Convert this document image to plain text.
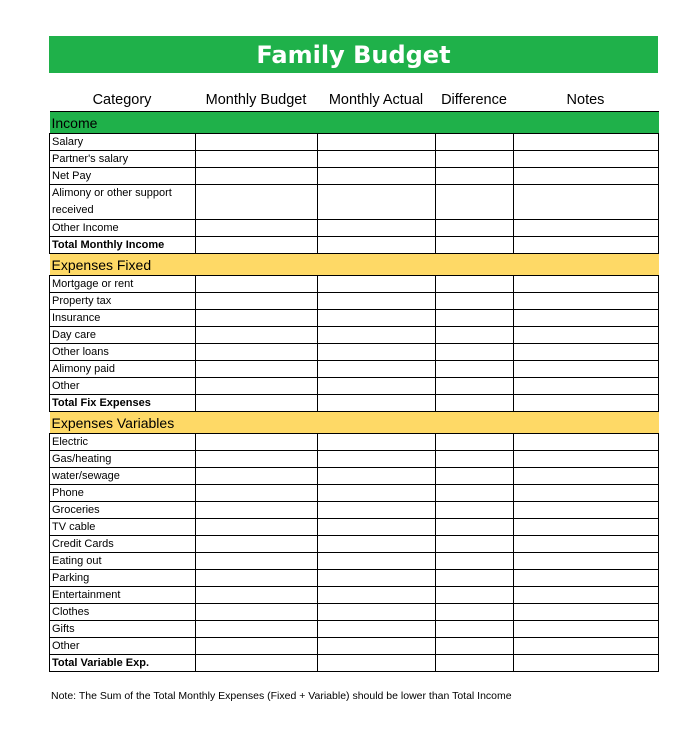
Family Budget
Category	Monthly Budget	Monthly Actual	Difference	Notes
Income				
Salary				
Partner's salary				
Net Pay				
Alimony or other support received				
Other Income				
Total Monthly Income				
Expenses Fixed				
Mortgage or rent				
Property tax				
Insurance				
Day care				
Other loans				
Alimony paid				
Other				
Total Fix Expenses				
Expenses Variables				
Electric				
Gas/heating				
water/sewage				
Phone				
Groceries				
TV cable				
Credit Cards				
Eating out				
Parking				
Entertainment				
Clothes				
Gifts				
Other				
Total Variable Exp.				
Note: The Sum of the Total Monthly Expenses (Fixed + Variable) should be lower than Total Income
